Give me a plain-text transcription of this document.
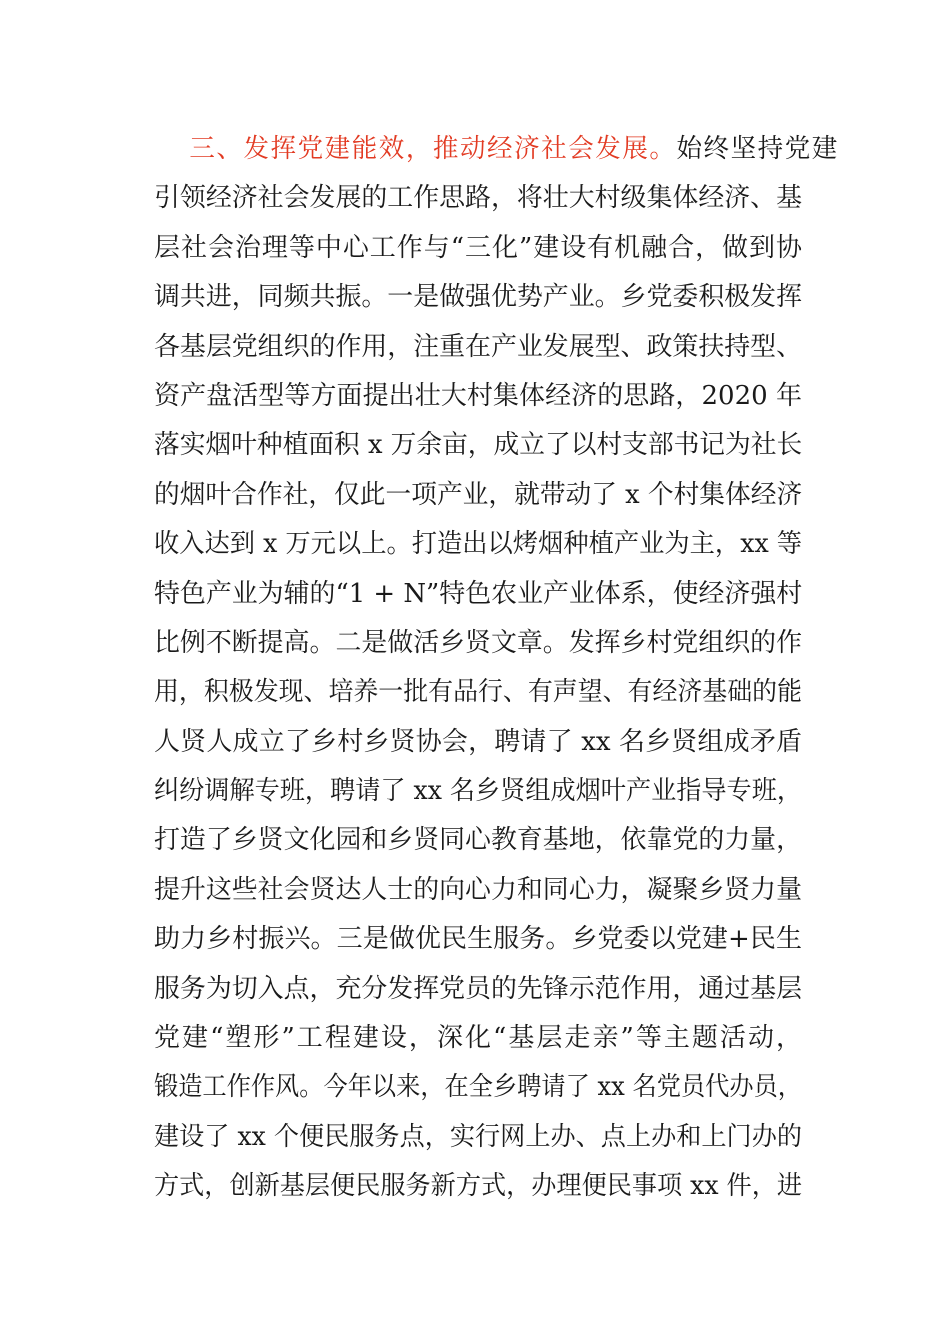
三、发挥党建能效，推动经济社会发展。始终坚持党建
引领经济社会发展的工作思路，将壮大村级集体经济、基
层社会治理等中心工作与“三化”建设有机融合，做到协
调共进，同频共振。一是做强优势产业。乡党委积极发挥
各基层党组织的作用，注重在产业发展型、政策扶持型、
资产盘活型等方面提出壮大村集体经济的思路，2020 年
落实烟叶种植面积 x 万余亩，成立了以村支部书记为社长
的烟叶合作社，仅此一项产业，就带动了 x 个村集体经济
收入达到 x 万元以上。打造出以烤烟种植产业为主，xx 等
特色产业为辅的“1 + N”特色农业产业体系，使经济强村
比例不断提高。二是做活乡贤文章。发挥乡村党组织的作
用，积极发现、培养一批有品行、有声望、有经济基础的能
人贤人成立了乡村乡贤协会，聘请了 xx 名乡贤组成矛盾
纠纷调解专班，聘请了 xx 名乡贤组成烟叶产业指导专班，
打造了乡贤文化园和乡贤同心教育基地，依靠党的力量，
提升这些社会贤达人士的向心力和同心力，凝聚乡贤力量
助力乡村振兴。三是做优民生服务。乡党委以党建+民生
服务为切入点，充分发挥党员的先锋示范作用，通过基层
党建“塑形”工程建设，深化“基层走亲”等主题活动，
锻造工作作风。今年以来，在全乡聘请了 xx 名党员代办员，
建设了 xx 个便民服务点，实行网上办、点上办和上门办的
方式，创新基层便民服务新方式，办理便民事项 xx 件，进
